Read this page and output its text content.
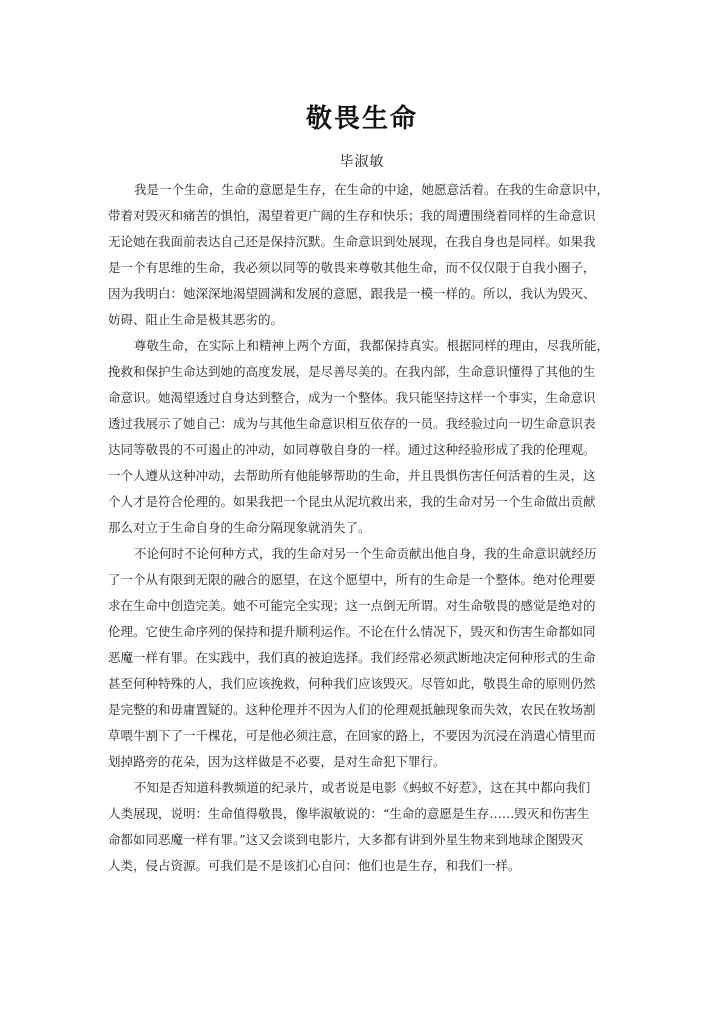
敬畏生命
毕淑敏
我是一个生命，生命的意愿是生存，在生命的中途，她愿意活着。在我的生命意识中，
带着对毁灭和痛苦的惧怕，渴望着更广阔的生存和快乐；我的周遭围绕着同样的生命意识
无论她在我面前表达自己还是保持沉默。生命意识到处展现，在我自身也是同样。如果我
是一个有思维的生命，我必须以同等的敬畏来尊敬其他生命，而不仅仅限于自我小圈子，
因为我明白：她深深地渴望圆满和发展的意愿，跟我是一模一样的。所以，我认为毁灭、
妨碍、阻止生命是极其恶劣的。
尊敬生命，在实际上和精神上两个方面，我都保持真实。根据同样的理由，尽我所能，
挽救和保护生命达到她的高度发展，是尽善尽美的。在我内部，生命意识懂得了其他的生
命意识。她渴望透过自身达到整合，成为一个整体。我只能坚持这样一个事实，生命意识
透过我展示了她自己：成为与其他生命意识相互依存的一员。我经验过向一切生命意识表
达同等敬畏的不可遏止的冲动，如同尊敬自身的一样。通过这种经验形成了我的伦理观。
一个人遵从这种冲动，去帮助所有他能够帮助的生命，并且畏惧伤害任何活着的生灵，这
个人才是符合伦理的。如果我把一个昆虫从泥坑救出来，我的生命对另一个生命做出贡献
那么对立于生命自身的生命分隔现象就消失了。
不论何时不论何种方式，我的生命对另一个生命贡献出他自身，我的生命意识就经历
了一个从有限到无限的融合的愿望，在这个愿望中，所有的生命是一个整体。绝对伦理要
求在生命中创造完美。她不可能完全实现；这一点倒无所谓。对生命敬畏的感觉是绝对的
伦理。它使生命序列的保持和提升顺利运作。不论在什么情况下，毁灭和伤害生命都如同
恶魔一样有罪。在实践中，我们真的被迫选择。我们经常必须武断地决定何种形式的生命
甚至何种特殊的人，我们应该挽救，何种我们应该毁灭。尽管如此，敬畏生命的原则仍然
是完整的和毋庸置疑的。这种伦理并不因为人们的伦理观抵触现象而失效，农民在牧场割
草喂牛割下了一千棵花，可是他必须注意，在回家的路上，不要因为沉浸在消遣心情里而
划掉路旁的花朵，因为这样做是不必要，是对生命犯下罪行。
不知是否知道科教频道的纪录片，或者说是电影《蚂蚁不好惹》，这在其中都向我们
人类展现，说明：生命值得敬畏，像毕淑敏说的：“生命的意愿是生存……毁灭和伤害生
命都如同恶魔一样有罪。”这又会谈到电影片，大多都有讲到外星生物来到地球企图毁灭
人类，侵占资源。可我们是不是该扪心自问：他们也是生存，和我们一样。
